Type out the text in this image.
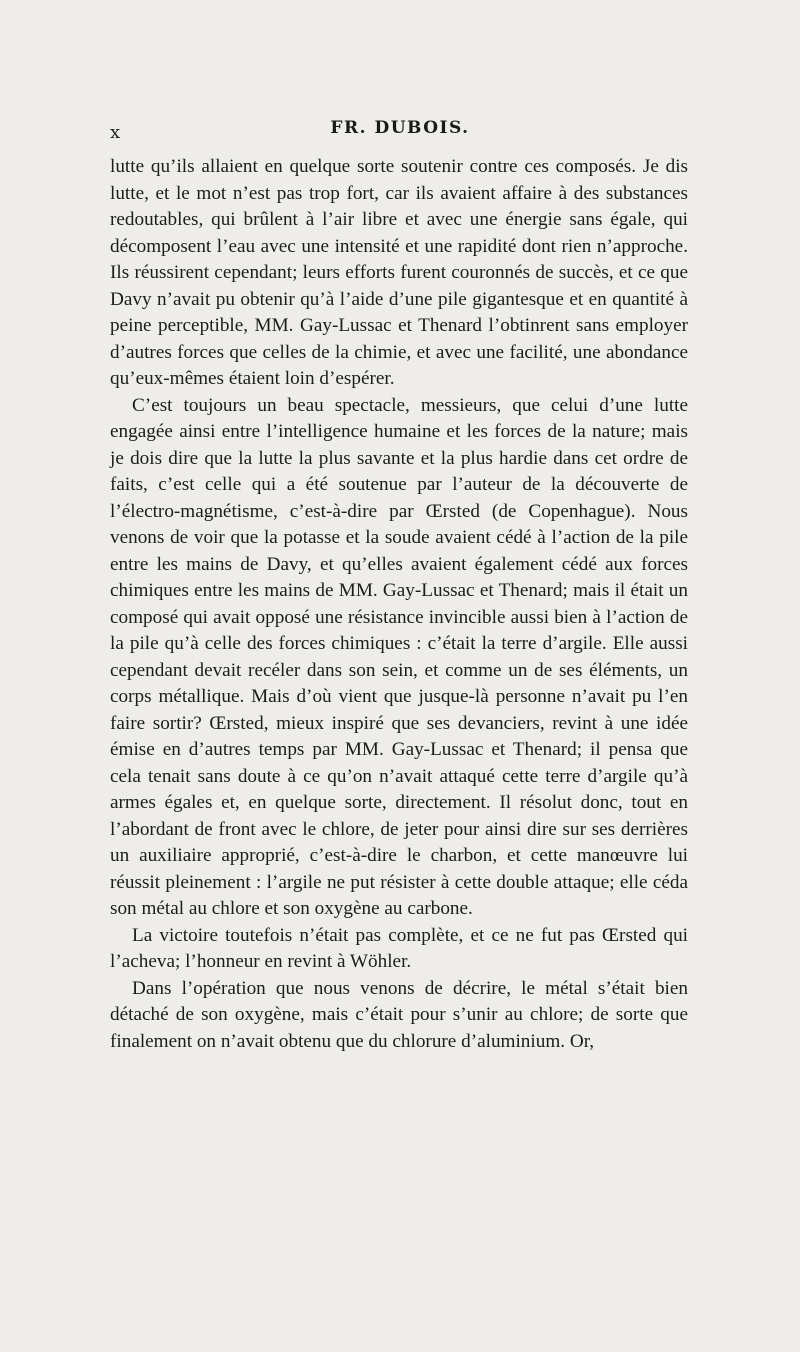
x	FR. DUBOIS.

lutte qu’ils allaient en quelque sorte soutenir contre ces composés. Je dis lutte, et le mot n’est pas trop fort, car ils avaient affaire à des substances redoutables, qui brûlent à l’air libre et avec une énergie sans égale, qui décomposent l’eau avec une intensité et une rapidité dont rien n’approche. Ils réussirent cependant; leurs efforts furent couronnés de succès, et ce que Davy n’avait pu obtenir qu’à l’aide d’une pile gigantesque et en quantité à peine perceptible, MM. Gay-Lussac et Thenard l’obtinrent sans employer d’autres forces que celles de la chimie, et avec une facilité, une abondance qu’eux-mêmes étaient loin d’espérer.

C’est toujours un beau spectacle, messieurs, que celui d’une lutte engagée ainsi entre l’intelligence humaine et les forces de la nature; mais je dois dire que la lutte la plus savante et la plus hardie dans cet ordre de faits, c’est celle qui a été soutenue par l’auteur de la découverte de l’électro-magnétisme, c’est-à-dire par Œrsted (de Copenhague). Nous venons de voir que la potasse et la soude avaient cédé à l’action de la pile entre les mains de Davy, et qu’elles avaient également cédé aux forces chimiques entre les mains de MM. Gay-Lussac et Thenard; mais il était un composé qui avait opposé une résistance invincible aussi bien à l’action de la pile qu’à celle des forces chimiques : c’était la terre d’argile. Elle aussi cependant devait recéler dans son sein, et comme un de ses éléments, un corps métallique. Mais d’où vient que jusque-là personne n’avait pu l’en faire sortir? Œrsted, mieux inspiré que ses devanciers, revint à une idée émise en d’autres temps par MM. Gay-Lussac et Thenard; il pensa que cela tenait sans doute à ce qu’on n’avait attaqué cette terre d’argile qu’à armes égales et, en quelque sorte, directement. Il résolut donc, tout en l’abordant de front avec le chlore, de jeter pour ainsi dire sur ses derrières un auxiliaire approprié, c’est-à-dire le charbon, et cette manœuvre lui réussit pleinement : l’argile ne put résister à cette double attaque; elle céda son métal au chlore et son oxygène au carbone.

La victoire toutefois n’était pas complète, et ce ne fut pas Œrsted qui l’acheva; l’honneur en revint à Wöhler.

Dans l’opération que nous venons de décrire, le métal s’était bien détaché de son oxygène, mais c’était pour s’unir au chlore; de sorte que finalement on n’avait obtenu que du chlorure d’aluminium. Or,
